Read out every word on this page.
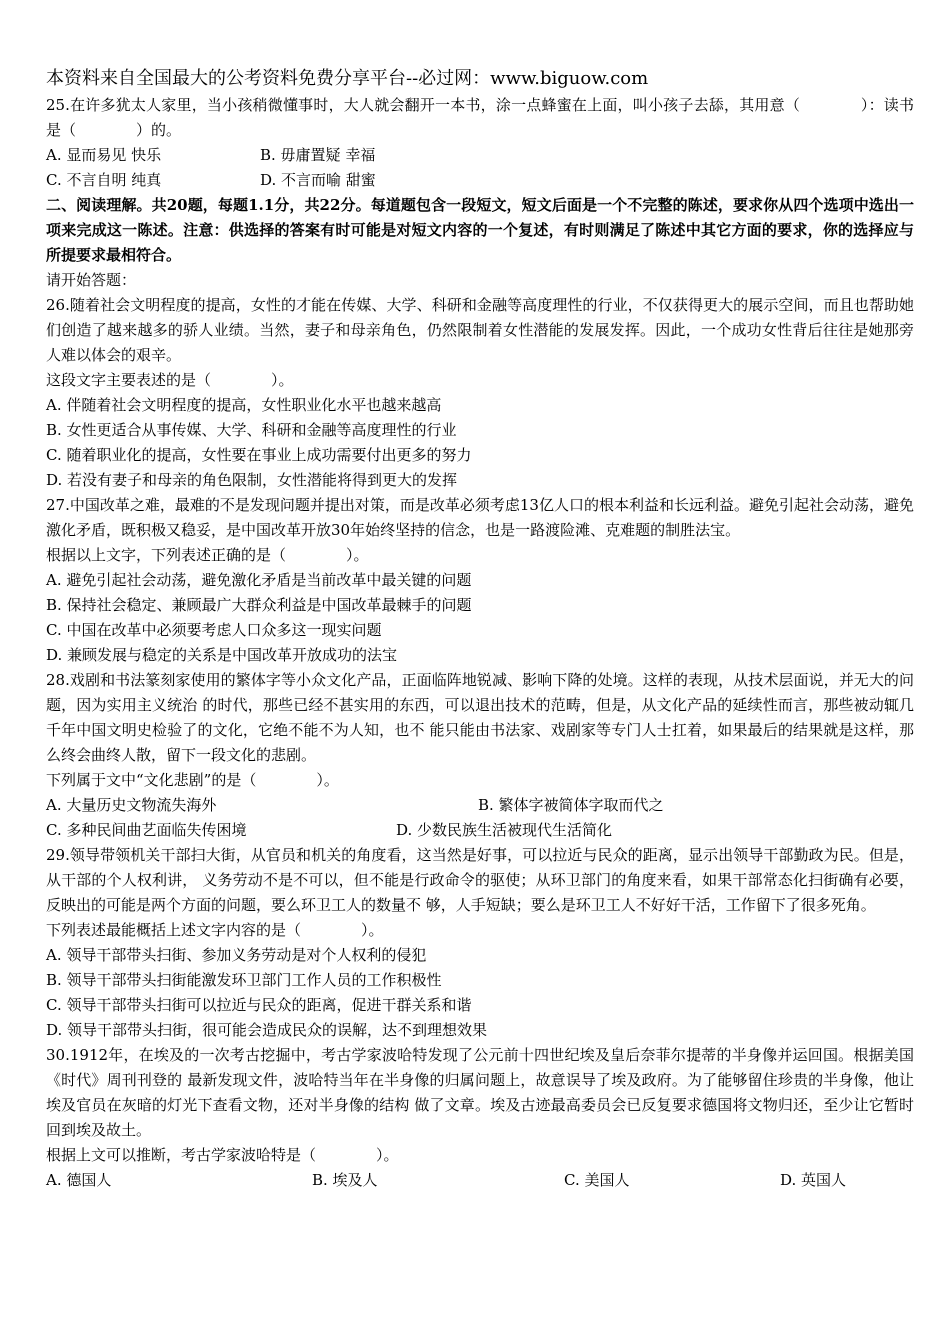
本资料来自全国最大的公考资料免费分享平台--必过网：www.biguow.com

25.在许多犹太人家里，当小孩稍微懂事时，大人就会翻开一本书，涂一点蜂蜜在上面，叫小孩子去舔，其用意（　　　　）：读书是（　　　　）的。

A. 显而易见 快乐	B. 毋庸置疑 幸福
C. 不言自明 纯真	D. 不言而喻 甜蜜

二、阅读理解。共20题，每题1.1分，共22分。每道题包含一段短文，短文后面是一个不完整的陈述，要求你从四个选项中选出一项来完成这一陈述。注意：供选择的答案有时可能是对短文内容的一个复述，有时则满足了陈述中其它方面的要求，你的选择应与所提要求最相符合。

请开始答题：

26.随着社会文明程度的提高，女性的才能在传媒、大学、科研和金融等高度理性的行业，不仅获得更大的展示空间，而且也帮助她们创造了越来越多的骄人业绩。当然，妻子和母亲角色，仍然限制着女性潜能的发展发挥。因此，一个成功女性背后往往是她那旁人难以体会的艰辛。

这段文字主要表述的是（　　　　）。

A. 伴随着社会文明程度的提高，女性职业化水平也越来越高

B. 女性更适合从事传媒、大学、科研和金融等高度理性的行业

C. 随着职业化的提高，女性要在事业上成功需要付出更多的努力

D. 若没有妻子和母亲的角色限制，女性潜能将得到更大的发挥

27.中国改革之难，最难的不是发现问题并提出对策，而是改革必须考虑13亿人口的根本利益和长远利益。避免引起社会动荡，避免激化矛盾，既积极又稳妥，是中国改革开放30年始终坚持的信念，也是一路渡险滩、克难题的制胜法宝。

根据以上文字，下列表述正确的是（　　　　）。

A. 避免引起社会动荡，避免激化矛盾是当前改革中最关键的问题

B. 保持社会稳定、兼顾最广大群众利益是中国改革最棘手的问题

C. 中国在改革中必须要考虑人口众多这一现实问题

D. 兼顾发展与稳定的关系是中国改革开放成功的法宝

28.戏剧和书法篆刻家使用的繁体字等小众文化产品，正面临阵地锐减、影响下降的处境。这样的表现，从技术层面说，并无大的问题，因为实用主义统治 的时代，那些已经不甚实用的东西，可以退出技术的范畴，但是，从文化产品的延续性而言，那些被动辄几千年中国文明史检验了的文化，它绝不能不为人知，也不 能只能由书法家、戏剧家等专门人士扛着，如果最后的结果就是这样，那么终会曲终人散，留下一段文化的悲剧。

下列属于文中“文化悲剧”的是（　　　　）。

A. 大量历史文物流失海外	B. 繁体字被简体字取而代之
C. 多种民间曲艺面临失传困境	D. 少数民族生活被现代生活简化

29.领导带领机关干部扫大街，从官员和机关的角度看，这当然是好事，可以拉近与民众的距离，显示出领导干部勤政为民。但是，从干部的个人权利讲， 义务劳动不是不可以，但不能是行政命令的驱使；从环卫部门的角度来看，如果干部常态化扫街确有必要，反映出的可能是两个方面的问题，要么环卫工人的数量不 够，人手短缺；要么是环卫工人不好好干活，工作留下了很多死角。

下列表述最能概括上述文字内容的是（　　　　）。

A. 领导干部带头扫街、参加义务劳动是对个人权利的侵犯

B. 领导干部带头扫街能激发环卫部门工作人员的工作积极性

C. 领导干部带头扫街可以拉近与民众的距离，促进干群关系和谐

D. 领导干部带头扫街，很可能会造成民众的误解，达不到理想效果

30.1912年，在埃及的一次考古挖掘中，考古学家波哈特发现了公元前十四世纪埃及皇后奈菲尔提蒂的半身像并运回国。根据美国《时代》周刊刊登的 最新发现文件，波哈特当年在半身像的归属问题上，故意误导了埃及政府。为了能够留住珍贵的半身像，他让埃及官员在灰暗的灯光下查看文物，还对半身像的结构 做了文章。埃及古迹最高委员会已反复要求德国将文物归还，至少让它暂时回到埃及故土。

根据上文可以推断，考古学家波哈特是（　　　　）。

A. 德国人	B. 埃及人	C. 美国人	D. 英国人
